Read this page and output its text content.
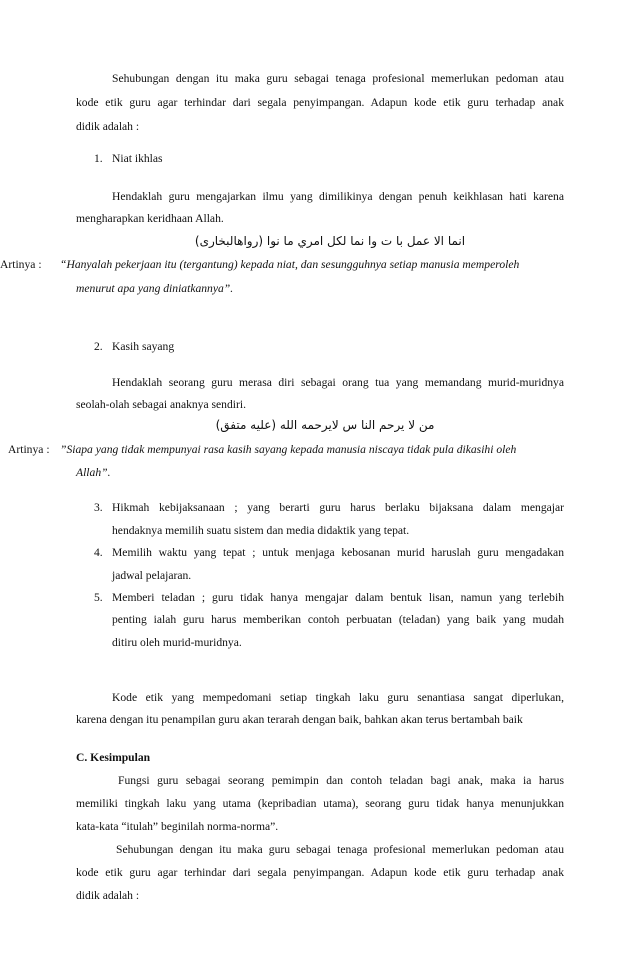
Sehubungan dengan itu maka guru sebagai tenaga profesional memerlukan pedoman atau
kode etik guru agar terhindar dari segala penyimpangan. Adapun kode etik guru terhadap anak
didik adalah :
1. Niat ikhlas
Hendaklah guru mengajarkan ilmu yang dimilikinya dengan penuh keikhlasan hati karena
mengharapkan keridhaan Allah.
انما الا عمل با ت وا نما لكل امري ما نوا (رواهالبخارى)
Artinya : “Hanyalah pekerjaan itu (tergantung) kepada niat, dan sesungguhnya setiap manusia memperoleh
menurut apa yang diniatkannya”.
2. Kasih sayang
Hendaklah seorang guru merasa diri sebagai orang tua yang memandang murid-muridnya
seolah-olah sebagai anaknya sendiri.
من لا يرحم النا س لايرحمه الله (عليه متفق)
Artinya : ”Siapa yang tidak mempunyai rasa kasih sayang kepada manusia niscaya tidak pula dikasihi oleh
Allah”.
3. Hikmah kebijaksanaan ; yang berarti guru harus berlaku bijaksana dalam mengajar
hendaknya memilih suatu sistem dan media didaktik yang tepat.
4. Memilih waktu yang tepat ; untuk menjaga kebosanan murid haruslah guru mengadakan
jadwal pelajaran.
5. Memberi teladan ; guru tidak hanya mengajar dalam bentuk lisan, namun yang terlebih
penting ialah guru harus memberikan contoh perbuatan (teladan) yang baik yang mudah
ditiru oleh murid-muridnya.
Kode etik yang mempedomani setiap tingkah laku guru senantiasa sangat diperlukan,
karena dengan itu penampilan guru akan terarah dengan baik, bahkan akan terus bertambah baik
C. Kesimpulan
Fungsi guru sebagai seorang pemimpin dan contoh teladan bagi anak, maka ia harus
memiliki tingkah laku yang utama (kepribadian utama), seorang guru tidak hanya menunjukkan
kata-kata “itulah” beginilah norma-norma”.
Sehubungan dengan itu maka guru sebagai tenaga profesional memerlukan pedoman atau
kode etik guru agar terhindar dari segala penyimpangan. Adapun kode etik guru terhadap anak
didik adalah :
